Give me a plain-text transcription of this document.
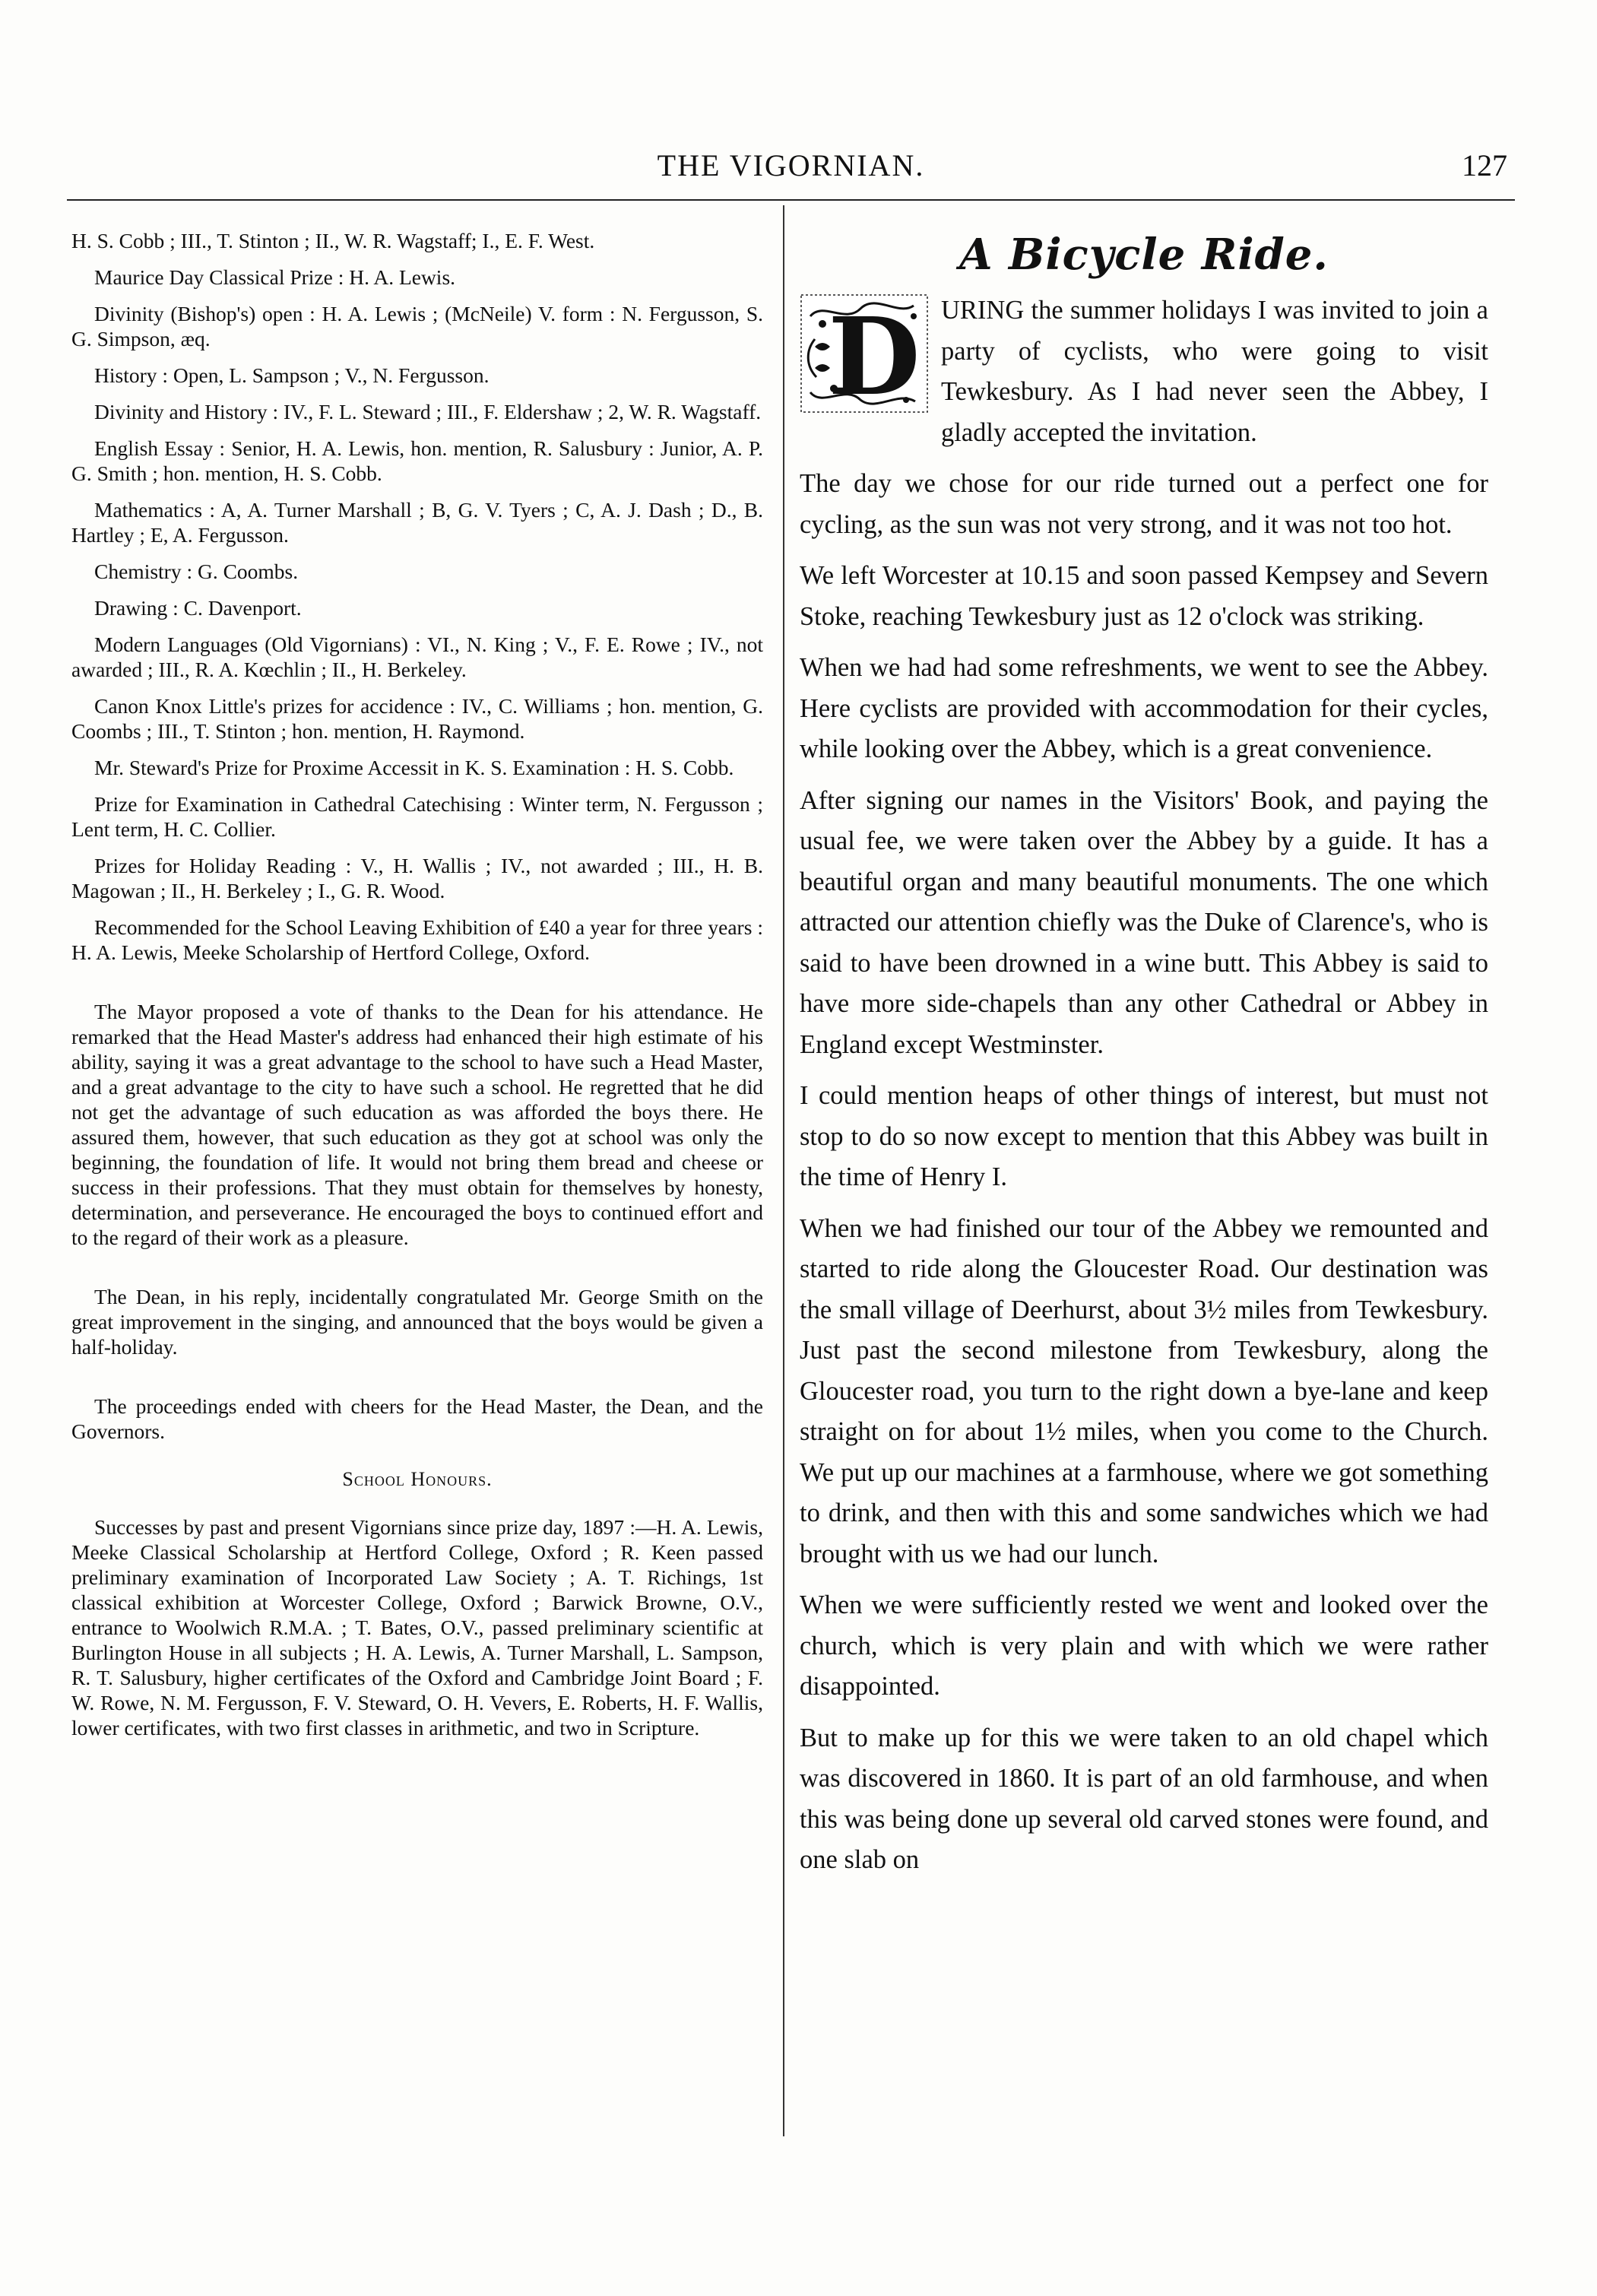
THE VIGORNIAN.	127

H. S. Cobb ; III., T. Stinton ; II., W. R. Wagstaff; I., E. F. West.

Maurice Day Classical Prize : H. A. Lewis.

Divinity (Bishop's) open : H. A. Lewis ; (McNeile) V. form : N. Fergusson, S. G. Simpson, æq.

History : Open, L. Sampson ; V., N. Fergusson.

Divinity and History : IV., F. L. Steward ; III., F. Eldershaw ; 2, W. R. Wagstaff.

English Essay : Senior, H. A. Lewis, hon. mention, R. Salusbury : Junior, A. P. G. Smith ; hon. mention, H. S. Cobb.

Mathematics : A, A. Turner Marshall ; B, G. V. Tyers ; C, A. J. Dash ; D., B. Hartley ; E, A. Fergusson.

Chemistry : G. Coombs.

Drawing : C. Davenport.

Modern Languages (Old Vigornians) : VI., N. King ; V., F. E. Rowe ; IV., not awarded ; III., R. A. Kœchlin ; II., H. Berkeley.

Canon Knox Little's prizes for accidence : IV., C. Williams ; hon. mention, G. Coombs ; III., T. Stinton ; hon. mention, H. Raymond.

Mr. Steward's Prize for Proxime Accessit in K. S. Examination : H. S. Cobb.

Prize for Examination in Cathedral Catechising : Winter term, N. Fergusson ; Lent term, H. C. Collier.

Prizes for Holiday Reading : V., H. Wallis ; IV., not awarded ; III., H. B. Magowan ; II., H. Berkeley ; I., G. R. Wood.

Recommended for the School Leaving Exhibition of £40 a year for three years : H. A. Lewis, Meeke Scholarship of Hertford College, Oxford.

The Mayor proposed a vote of thanks to the Dean for his attendance. He remarked that the Head Master's address had enhanced their high estimate of his ability, saying it was a great advantage to the school to have such a Head Master, and a great advantage to the city to have such a school. He regretted that he did not get the advantage of such education as was afforded the boys there. He assured them, however, that such education as they got at school was only the beginning, the foundation of life. It would not bring them bread and cheese or success in their professions. That they must obtain for themselves by honesty, determination, and perseverance. He encouraged the boys to continued effort and to the regard of their work as a pleasure.

The Dean, in his reply, incidentally congratulated Mr. George Smith on the great improvement in the singing, and announced that the boys would be given a half-holiday.

The proceedings ended with cheers for the Head Master, the Dean, and the Governors.

School Honours.

Successes by past and present Vigornians since prize day, 1897 :—H. A. Lewis, Meeke Classical Scholarship at Hertford College, Oxford ; R. Keen passed preliminary examination of Incorporated Law Society ; A. T. Richings, 1st classical exhibition at Worcester College, Oxford ; Barwick Browne, O.V., entrance to Woolwich R.M.A. ; T. Bates, O.V., passed preliminary scientific at Burlington House in all subjects ; H. A. Lewis, A. Turner Marshall, L. Sampson, R. T. Salusbury, higher certificates of the Oxford and Cambridge Joint Board ; F. W. Rowe, N. M. Fergusson, F. V. Steward, O. H. Vevers, E. Roberts, H. F. Wallis, lower certificates, with two first classes in arithmetic, and two in Scripture.

A Bicycle Ride.

D URING the summer holidays I was invited to join a party of cyclists, who were going to visit Tewkesbury. As I had never seen the Abbey, I gladly accepted the invitation.

The day we chose for our ride turned out a perfect one for cycling, as the sun was not very strong, and it was not too hot.

We left Worcester at 10.15 and soon passed Kempsey and Severn Stoke, reaching Tewkesbury just as 12 o'clock was striking.

When we had had some refreshments, we went to see the Abbey. Here cyclists are provided with accommodation for their cycles, while looking over the Abbey, which is a great convenience.

After signing our names in the Visitors' Book, and paying the usual fee, we were taken over the Abbey by a guide. It has a beautiful organ and many beautiful monuments. The one which attracted our attention chiefly was the Duke of Clarence's, who is said to have been drowned in a wine butt. This Abbey is said to have more side-chapels than any other Cathedral or Abbey in England except Westminster.

I could mention heaps of other things of interest, but must not stop to do so now except to mention that this Abbey was built in the time of Henry I.

When we had finished our tour of the Abbey we remounted and started to ride along the Gloucester Road. Our destination was the small village of Deerhurst, about 3½ miles from Tewkesbury. Just past the second milestone from Tewkesbury, along the Gloucester road, you turn to the right down a bye-lane and keep straight on for about 1½ miles, when you come to the Church. We put up our machines at a farmhouse, where we got something to drink, and then with this and some sandwiches which we had brought with us we had our lunch.

When we were sufficiently rested we went and looked over the church, which is very plain and with which we were rather disappointed.

But to make up for this we were taken to an old chapel which was discovered in 1860. It is part of an old farmhouse, and when this was being done up several old carved stones were found, and one slab on
